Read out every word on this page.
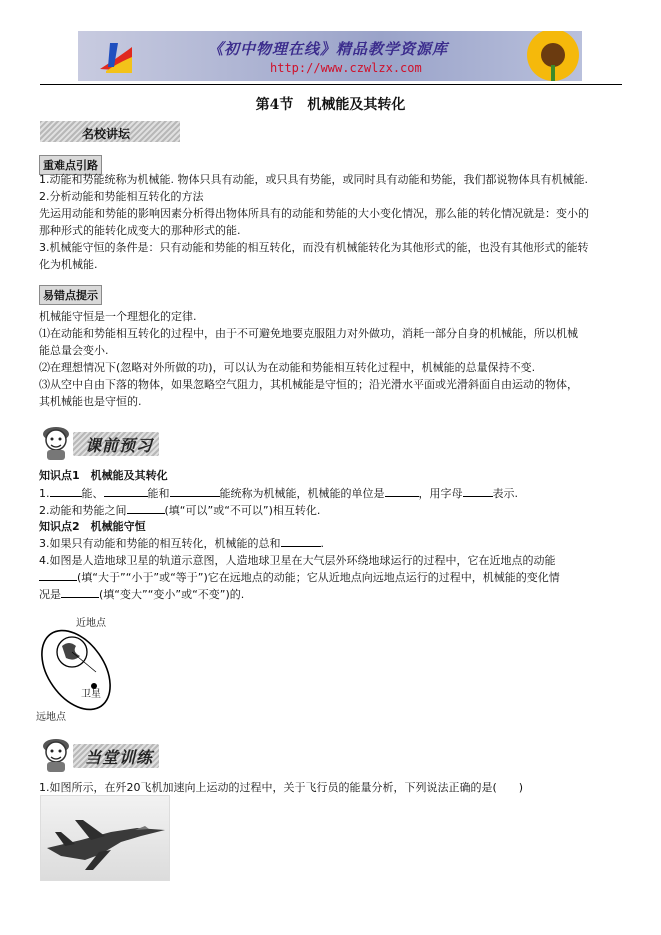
《初中物理在线》精品教学资源库
http://www.czwlzx.com
第4节　机械能及其转化
名校讲坛
重难点引路
1.动能和势能统称为机械能. 物体只具有动能，或只具有势能，或同时具有动能和势能，我们都说物体具有机械能.
2.分析动能和势能相互转化的方法
先运用动能和势能的影响因素分析得出物体所具有的动能和势能的大小变化情况，那么能的转化情况就是：变小的
那种形式的能转化成变大的那种形式的能.
3.机械能守恒的条件是：只有动能和势能的相互转化，而没有机械能转化为其他形式的能，也没有其他形式的能转
化为机械能.
易错点提示
机械能守恒是一个理想化的定律.
⑴在动能和势能相互转化的过程中，由于不可避免地要克服阻力对外做功，消耗一部分自身的机械能，所以机械
能总量会变小.
⑵在理想情况下(忽略对外所做的功)，可以认为在动能和势能相互转化过程中，机械能的总量保持不变.
⑶从空中自由下落的物体，如果忽略空气阻力，其机械能是守恒的；沿光滑水平面或光滑斜面自由运动的物体，
其机械能也是守恒的.
课前预习
知识点1　机械能及其转化
1.	能、	能和	能统称为机械能，机械能的单位是	，用字母	表示.
2.动能和势能之间	(填“可以”或“不可以”)相互转化.
知识点2　机械能守恒
3.如果只有动能和势能的相互转化，机械能的总和	.
4.如图是人造地球卫星的轨道示意图，人造地球卫星在大气层外环绕地球运行的过程中，它在近地点的动能
(填“大于”“小于”或“等于”)它在远地点的动能；它从近地点向远地点运行的过程中，机械能的变化情
况是	(填“变大”“变小”或“不变”)的.
近地点
卫星
远地点
当堂训练
1.如图所示，在歼20飞机加速向上运动的过程中，关于飞行员的能量分析，下列说法正确的是(　　)
